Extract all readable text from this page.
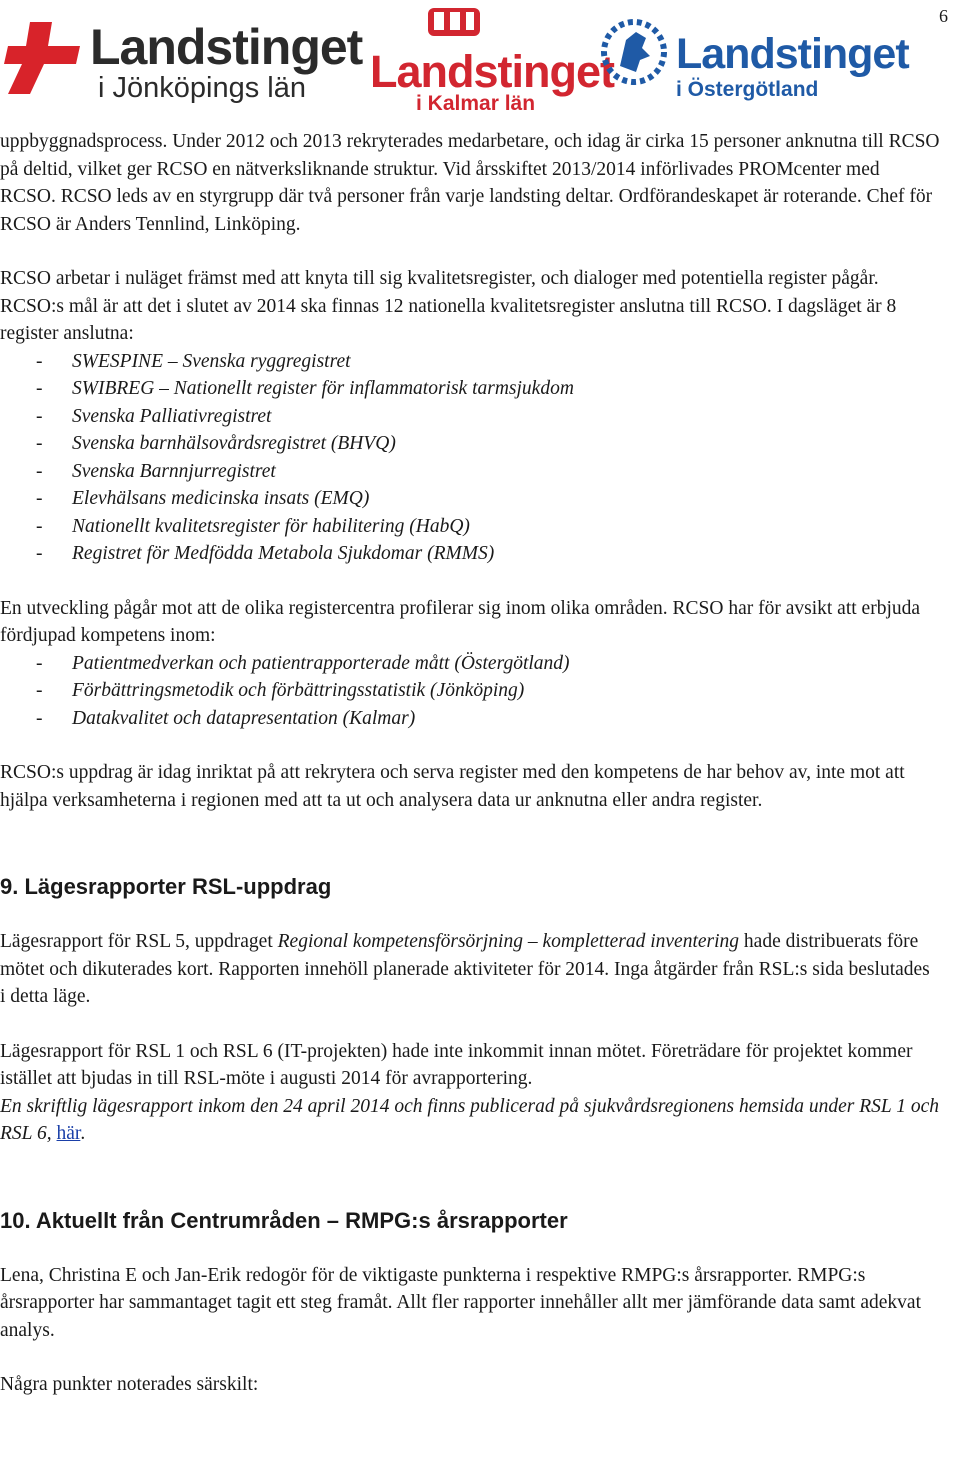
6
Landstinget
i Jönköpings län Landstinget
i Kalmar län
Landstinget
i Östergötland

uppbyggnadsprocess. Under 2012 och 2013 rekryterades medarbetare, och idag är cirka 15 personer anknutna till RCSO på deltid, vilket ger RCSO en nätverksliknande struktur. Vid årsskiftet 2013/2014 införlivades PROMcenter med RCSO. RCSO leds av en styrgrupp där två personer från varje landsting deltar. Ordförandeskapet är roterande. Chef för RCSO är Anders Tennlind, Linköping.

RCSO arbetar i nuläget främst med att knyta till sig kvalitetsregister, och dialoger med potentiella register pågår. RCSO:s mål är att det i slutet av 2014 ska finnas 12 nationella kvalitetsregister anslutna till RCSO. I dagsläget är 8 register anslutna:

- SWESPINE – Svenska ryggregistret
- SWIBREG – Nationellt register för inflammatorisk tarmsjukdom
- Svenska Palliativregistret
- Svenska barnhälsovårdsregistret (BHVQ)
- Svenska Barnnjurregistret
- Elevhälsans medicinska insats (EMQ)
- Nationellt kvalitetsregister för habilitering (HabQ)
- Registret för Medfödda Metabola Sjukdomar (RMMS)

En utveckling pågår mot att de olika registercentra profilerar sig inom olika områden. RCSO har för avsikt att erbjuda fördjupad kompetens inom:

- Patientmedverkan och patientrapporterade mått (Östergötland)
- Förbättringsmetodik och förbättringsstatistik (Jönköping)
- Datakvalitet och datapresentation (Kalmar)

RCSO:s uppdrag är idag inriktat på att rekrytera och serva register med den kompetens de har behov av, inte mot att hjälpa verksamheterna i regionen med att ta ut och analysera data ur anknutna eller andra register.

9. Lägesrapporter RSL-uppdrag

Lägesrapport för RSL 5, uppdraget Regional kompetensförsörjning – kompletterad inventering hade distribuerats före mötet och dikuterades kort. Rapporten innehöll planerade aktiviteter för 2014. Inga åtgärder från RSL:s sida beslutades i detta läge.

Lägesrapport för RSL 1 och RSL 6 (IT-projekten) hade inte inkommit innan mötet. Företrädare för projektet kommer istället att bjudas in till RSL-möte i augusti 2014 för avrapportering.

En skriftlig lägesrapport inkom den 24 april 2014 och finns publicerad på sjukvårdsregionens hemsida under RSL 1 och RSL 6, här.

10. Aktuellt från Centrumråden – RMPG:s årsrapporter

Lena, Christina E och Jan-Erik redogör för de viktigaste punkterna i respektive RMPG:s årsrapporter. RMPG:s årsrapporter har sammantaget tagit ett steg framåt. Allt fler rapporter innehåller allt mer jämförande data samt adekvat analys.

Några punkter noterades särskilt:
